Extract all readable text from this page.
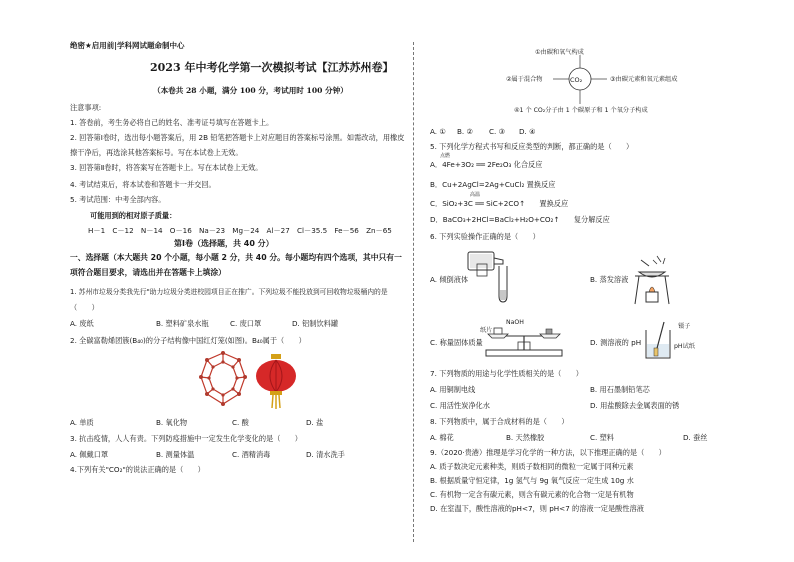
绝密★启用前|学科网试题命制中心
2023 年中考化学第一次模拟考试【江苏苏州卷】
（本卷共 28 小题，满分 100 分，考试用时 100 分钟）
注意事项:
1. 答卷前，考生务必将自己的姓名、准考证号填写在答题卡上。
2. 回答第Ⅰ卷时，选出每小题答案后，用 2B 铅笔把答题卡上对应题目的答案标号涂黑。如需改动，用橡皮
擦干净后，再选涂其他答案标号。写在本试卷上无效。
3. 回答第Ⅱ卷时，将答案写在答题卡上。写在本试卷上无效。
4. 考试结束后，将本试卷和答题卡一并交回。
5. 考试范围：中考全部内容。
可能用到的相对原子质量：
H－1　C－12　N－14　O－16　Na－23　Mg－24　Al－27　Cl－35.5　Fe－56　Zn－65
第Ⅰ卷（选择题，共 40 分）
一、选择题（本大题共 20 个小题，每小题 2 分，共 40 分。每小题均有四个选项，其中只有一
项符合题目要求，请选出并在答题卡上填涂）
1. 苏州市垃圾分类我先行"助力垃圾分类进校园项目正在推广。下列垃圾不能投放到可回收物垃圾桶内的是
（　　）
A. 废纸	B. 塑料矿泉水瓶	C. 废口罩	D. 铝制饮料罐
2. 全碳富勒烯团簇(B₄₀)的分子结构像中国红灯笼(如图)。B₄₀属于（　　）
A. 单质	B. 氧化物	C. 酸	D. 盐
3. 抗击疫情，人人有责。下列防疫措施中一定发生化学变化的是（　　）
A. 佩戴口罩	B. 测量体温	C. 酒精消毒	D. 清水洗手
4.下列有关"CO₂"的说法正确的是（　　）
CO₂
①由碳和氧气构成
②属于混合物	③由碳元素和氧元素组成
④1 个 CO₂分子由 1 个碳原子和 1 个氧分子构成
A. ① B. ② C. ③ D. ④
5. 下列化学方程式书写和反应类型的判断，都正确的是（　　）
点燃
A．4Fe+3O₂ ══ 2Fe₂O₃ 化合反应
B．Cu+2AgCl=2Ag+CuCl₂ 置换反应
高温
C．SiO₂+3C ══ SiC+2CO↑　　置换反应
D．BaCO₃+2HCl=BaCl₂+H₂O+CO₂↑　　复分解反应
6. 下列实验操作正确的是（　　）
A. 倾倒液体	B. 蒸发溶液
NaOH
纸片
C. 称量固体质量
镊子
pH试纸
D. 测溶液的 pH
7. 下列物质的用途与化学性质相关的是（　　）
A. 用铜制电线	B. 用石墨制铅笔芯
C. 用活性炭净化水	D. 用盐酸除去金属表面的锈
8. 下列物质中，属于合成材料的是（　　）
A. 棉花	B. 天然橡胶	C. 塑料	D. 蚕丝
9.（2020·贵港）推理是学习化学的一种方法，以下推理正确的是（　　）
A. 质子数决定元素种类，则质子数相同的微粒一定属于同种元素
B. 根据质量守恒定律，1g 氢气与 9g 氧气反应一定生成 10g 水
C. 有机物一定含有碳元素，则含有碳元素的化合物一定是有机物
D. 在室温下，酸性溶液的pH<7，则 pH<7 的溶液一定是酸性溶液
